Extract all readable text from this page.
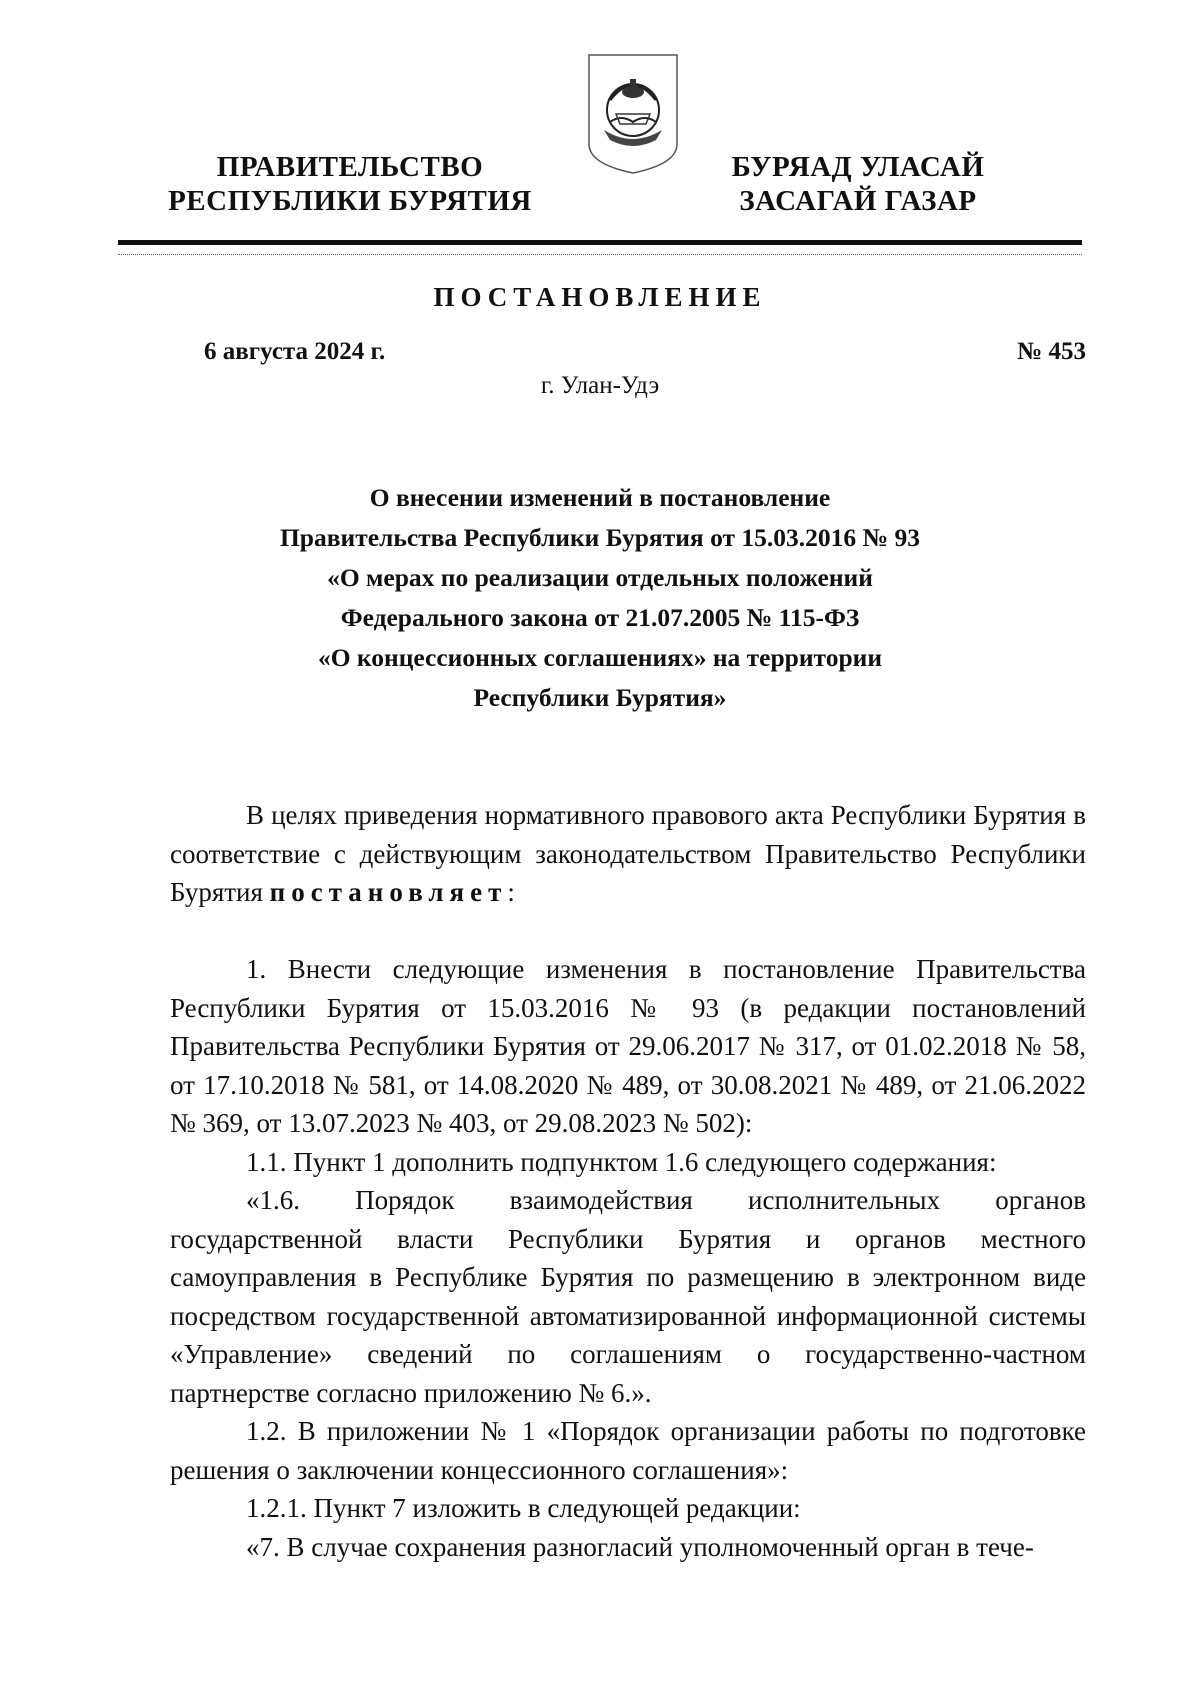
ПРАВИТЕЛЬСТВО
РЕСПУБЛИКИ БУРЯТИЯ
БУРЯАД УЛАСАЙ
ЗАСАГАЙ ГАЗАР
ПОСТАНОВЛЕНИЕ
6 августа 2024 г.	№ 453
г. Улан-Удэ
О внесении изменений в постановление
Правительства Республики Бурятия от 15.03.2016 № 93
«О мерах по реализации отдельных положений
Федерального закона от 21.07.2005 № 115-ФЗ
«О концессионных соглашениях» на территории
Республики Бурятия»

В целях приведения нормативного правового акта Республики Бурятия в соответствие с действующим законодательством Правительство Республики Бурятия постановляет:

1. Внести следующие изменения в постановление Правительства Республики Бурятия от 15.03.2016 № 93 (в редакции постановлений Правительства Республики Бурятия от 29.06.2017 № 317, от 01.02.2018 № 58, от 17.10.2018 № 581, от 14.08.2020 № 489, от 30.08.2021 № 489, от 21.06.2022 № 369, от 13.07.2023 № 403, от 29.08.2023 № 502):

1.1. Пункт 1 дополнить подпунктом 1.6 следующего содержания:

«1.6. Порядок взаимодействия исполнительных органов государственной власти Республики Бурятия и органов местного самоуправления в Республике Бурятия по размещению в электронном виде посредством государственной автоматизированной информационной системы «Управление» сведений по соглашениям о государственно-частном партнерстве согласно приложению № 6.».

1.2. В приложении № 1 «Порядок организации работы по подготовке решения о заключении концессионного соглашения»:

1.2.1. Пункт 7 изложить в следующей редакции:

«7. В случае сохранения разногласий уполномоченный орган в тече-
